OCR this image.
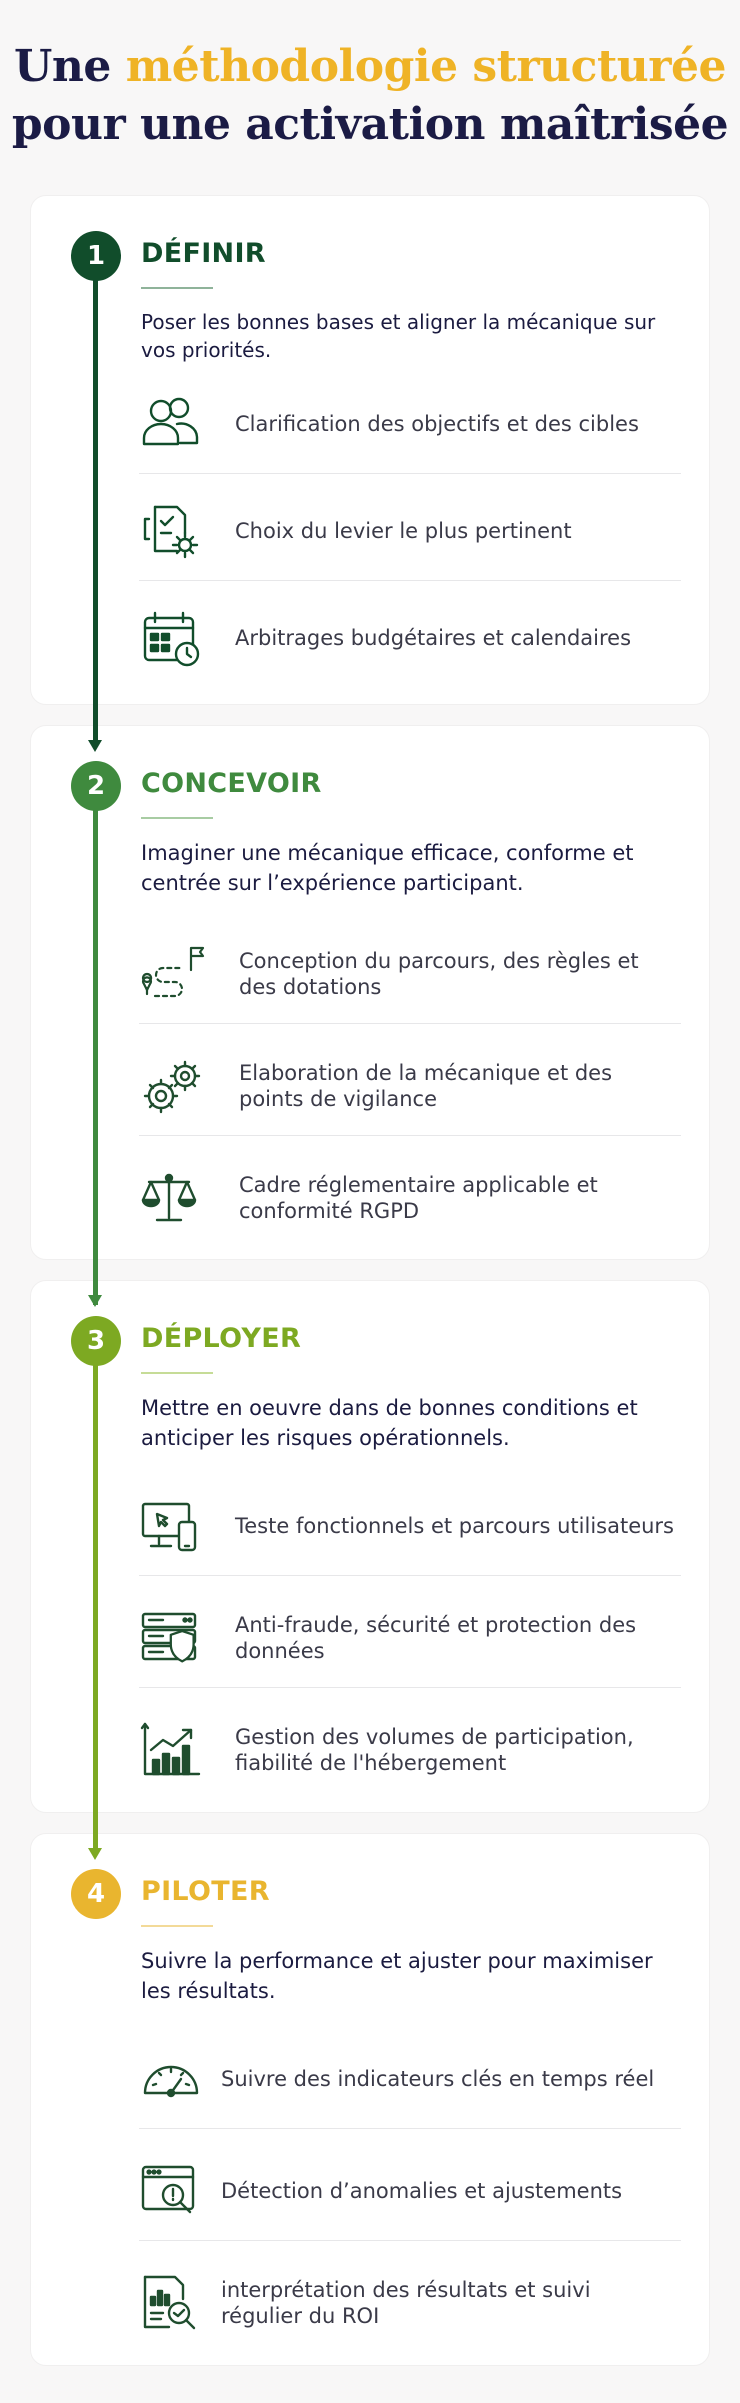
Une méthodologie structurée
pour une activation maîtrisée
1	DÉFINIR
Poser les bonnes bases et aligner la mécanique sur vos priorités.
Clarification des objectifs et des cibles
Choix du levier le plus pertinent
Arbitrages budgétaires et calendaires
2	CONCEVOIR
Imaginer une mécanique efficace, conforme et centrée sur l’expérience participant.
Conception du parcours, des règles et des dotations
Elaboration de la mécanique et des points de vigilance
Cadre réglementaire applicable et conformité RGPD
3	DÉPLOYER
Mettre en oeuvre dans de bonnes conditions et anticiper les risques opérationnels.
Teste fonctionnels et parcours utilisateurs
Anti-fraude, sécurité et protection des données
Gestion des volumes de participation, fiabilité de l'hébergement
4	PILOTER
Suivre la performance et ajuster pour maximiser les résultats.
Suivre des indicateurs clés en temps réel
Détection d’anomalies et ajustements
interprétation des résultats et suivi régulier du ROI
